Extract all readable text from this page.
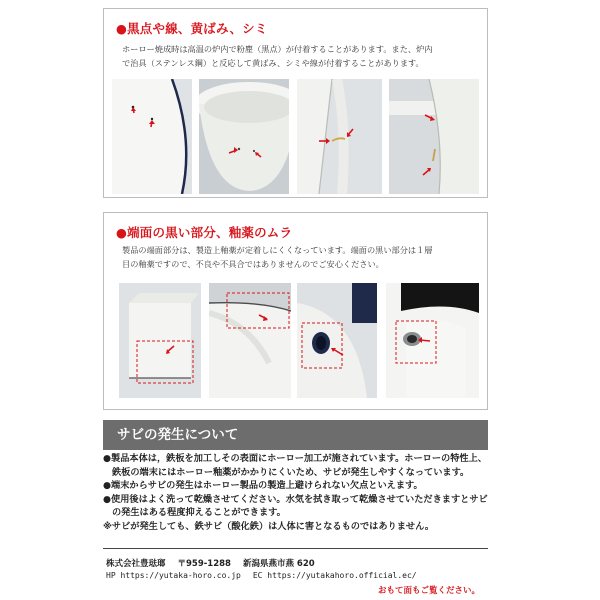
●黒点や線、黄ばみ、シミ
ホーロー焼成時は高温の炉内で粉塵（黒点）が付着することがあります。また、炉内
で治具（ステンレス鋼）と反応して黄ばみ、シミや線が付着することがあります。
●端面の黒い部分、釉薬のムラ
製品の端面部分は、製造上釉薬が定着しにくくなっています。端面の黒い部分は１層
目の釉薬ですので、不良や不具合ではありませんのでご安心ください。
サビの発生について

●製品本体は，鉄板を加工しその表面にホーロー加工が施されています。ホーローの特性上、鉄板の端末にはホーロー釉薬がかかりにくいため、サビが発生しやすくなっています。

●端末からサビの発生はホーロー製品の製造上避けられない欠点といえます。

●使用後はよく洗って乾燥させてください。水気を拭き取って乾燥させていただきますとサビの発生はある程度抑えることができます。

※サビが発生しても、鉄サビ（酸化鉄）は人体に害となるものではありません。

株式会社豊琺瑯 〒959-1288 新潟県燕市燕 620
HP https://yutaka-horo.co.jp EC https://yutakahoro.official.ec/
おもて面もご覧ください。
